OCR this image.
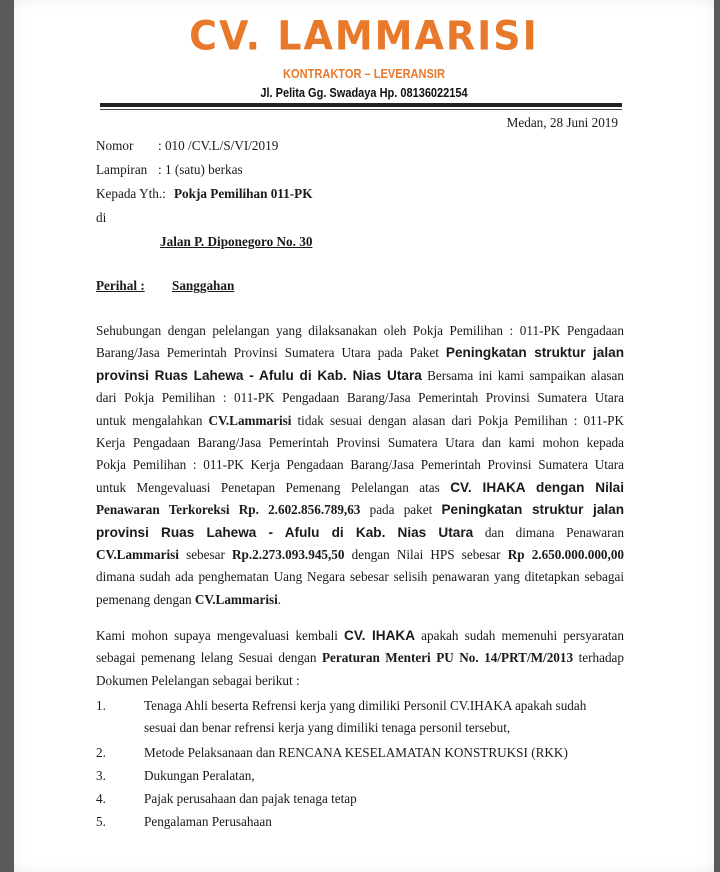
CV. LAMMARISI
KONTRAKTOR – LEVERANSIR
Jl. Pelita Gg. Swadaya Hp. 08136022154
Medan, 28 Juni 2019
Nomor : 010 /CV.L/S/VI/2019
Lampiran : 1 (satu) berkas
Kepada Yth.: Pokja Pemilihan 011-PK
di
Jalan P. Diponegoro No. 30
Perihal : Sanggahan
Sehubungan dengan pelelangan yang dilaksanakan oleh Pokja Pemilihan : 011-PK Pengadaan
Barang/Jasa Pemerintah Provinsi Sumatera Utara pada Paket Peningkatan struktur jalan
provinsi Ruas Lahewa - Afulu di Kab. Nias Utara Bersama ini kami sampaikan alasan
dari Pokja Pemilihan : 011-PK Pengadaan Barang/Jasa Pemerintah Provinsi Sumatera Utara
untuk mengalahkan CV.Lammarisi tidak sesuai dengan alasan dari Pokja Pemilihan : 011-PK
Kerja Pengadaan Barang/Jasa Pemerintah Provinsi Sumatera Utara dan kami mohon kepada
Pokja Pemilihan : 011-PK Kerja Pengadaan Barang/Jasa Pemerintah Provinsi Sumatera Utara
untuk Mengevaluasi Penetapan Pemenang Pelelangan atas CV. IHAKA dengan Nilai
Penawaran Terkoreksi Rp. 2.602.856.789,63 pada paket Peningkatan struktur jalan
provinsi Ruas Lahewa - Afulu di Kab. Nias Utara dan dimana Penawaran
CV.Lammarisi sebesar Rp.2.273.093.945,50 dengan Nilai HPS sebesar Rp 2.650.000.000,00
dimana sudah ada penghematan Uang Negara sebesar selisih penawaran yang ditetapkan sebagai
pemenang dengan CV.Lammarisi.
Kami mohon supaya mengevaluasi kembali CV. IHAKA apakah sudah memenuhi persyaratan
sebagai pemenang lelang Sesuai dengan Peraturan Menteri PU No. 14/PRT/M/2013 terhadap
Dokumen Pelelangan sebagai berikut :
1.	Tenaga Ahli beserta Refrensi kerja yang dimiliki Personil CV.IHAKA apakah sudah
sesuai dan benar refrensi kerja yang dimiliki tenaga personil tersebut,
2.	Metode Pelaksanaan dan RENCANA KESELAMATAN KONSTRUKSI (RKK)
3.	Dukungan Peralatan,
4.	Pajak perusahaan dan pajak tenaga tetap
5.	Pengalaman Perusahaan
